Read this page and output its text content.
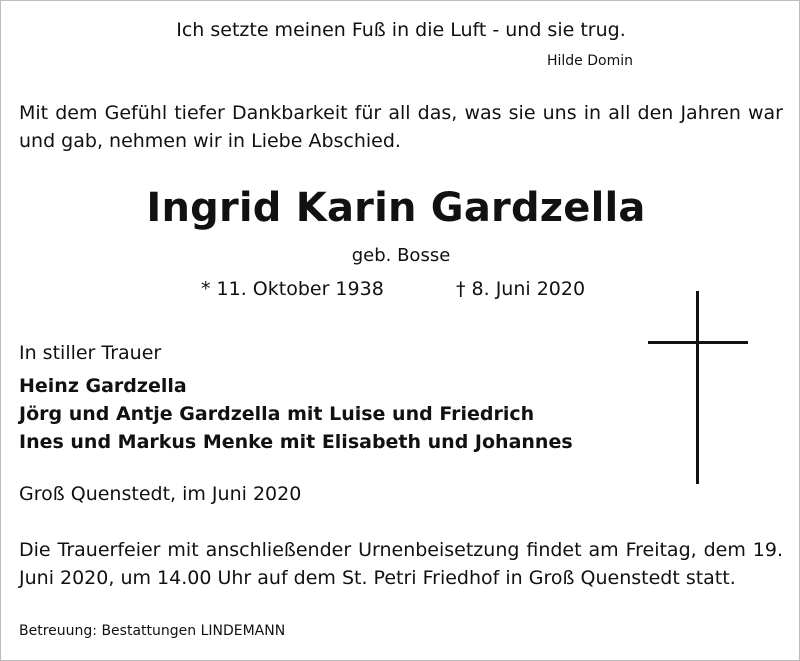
Ich setzte meinen Fuß in die Luft - und sie trug.
Hilde Domin
Mit dem Gefühl tiefer Dankbarkeit für all das, was sie uns in all den Jahren war und gab, nehmen wir in Liebe Abschied.
Ingrid Karin Gardzella
geb. Bosse
* 11. Oktober 1938	† 8. Juni 2020
In stiller Trauer
Heinz Gardzella
Jörg und Antje Gardzella mit Luise und Friedrich
Ines und Markus Menke mit Elisabeth und Johannes
Groß Quenstedt, im Juni 2020
Die Trauerfeier mit anschließender Urnenbeisetzung findet am Freitag, dem 19. Juni 2020, um 14.00 Uhr auf dem St. Petri Friedhof in Groß Quenstedt statt.
Betreuung: Bestattungen LINDEMANN
